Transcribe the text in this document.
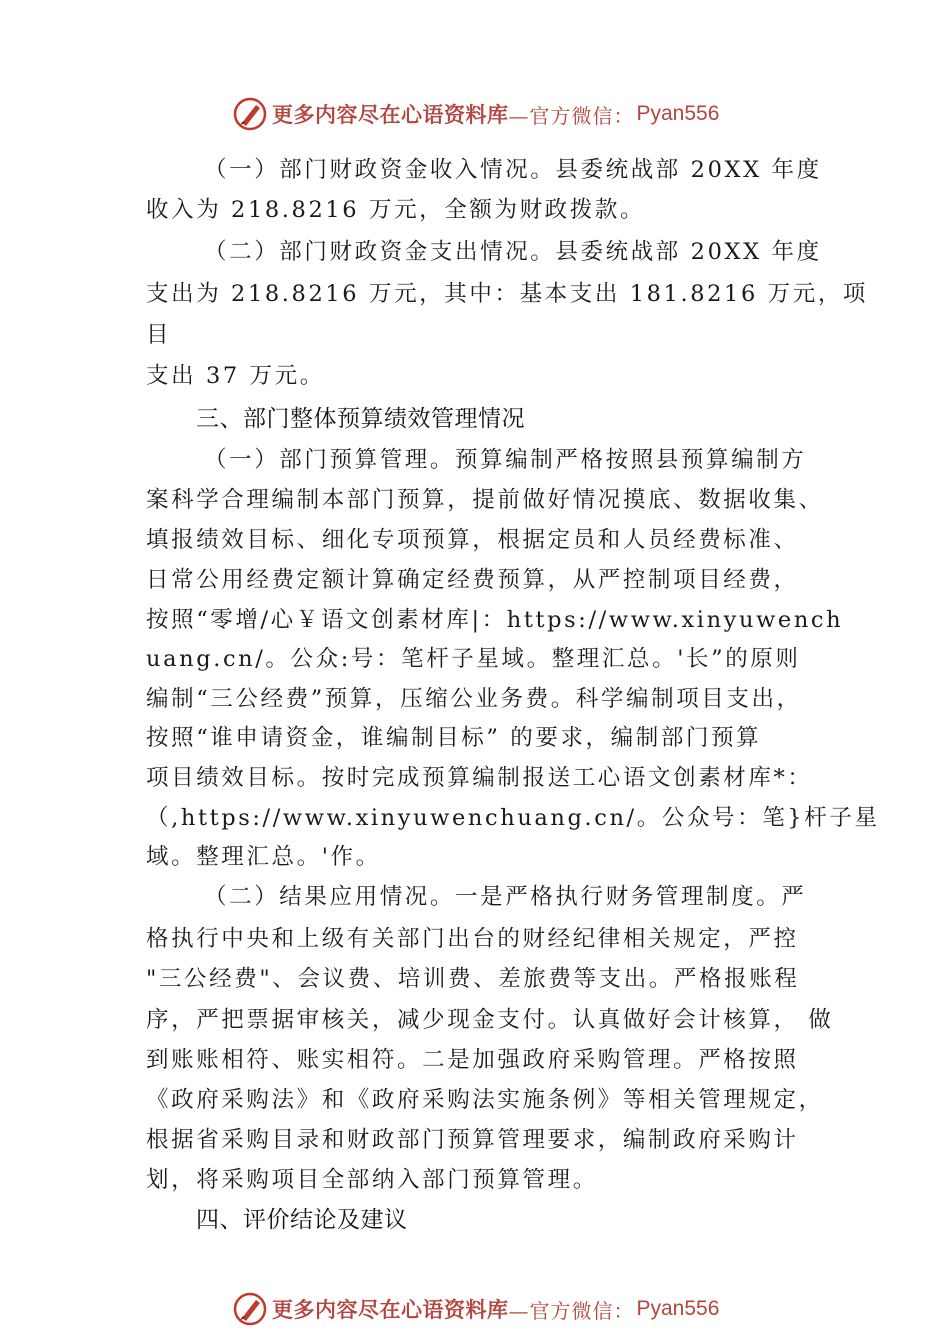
更多内容尽在心语资料库 —官方微信： Pyan556
（一）部门财政资金收入情况。县委统战部 20XX 年度
收入为 218.8216 万元，全额为财政拨款。
（二）部门财政资金支出情况。县委统战部 20XX 年度
支出为 218.8216 万元，其中：基本支出 181.8216 万元，项
目
支出 37 万元。
三、部门整体预算绩效管理情况
（一）部门预算管理。预算编制严格按照县预算编制方
案科学合理编制本部门预算，提前做好情况摸底、数据收集、
填报绩效目标、细化专项预算，根据定员和人员经费标准、
日常公用经费定额计算确定经费预算，从严控制项目经费，
按照“零增/心￥语文创素材库|：https://www.xinyuwench
uang.cn/。公众:号：笔杆子星域。整理汇总。'长”的原则
编制“三公经费”预算，压缩公业务费。科学编制项目支出，
按照“谁申请资金，谁编制目标” 的要求，编制部门预算
项目绩效目标。按时完成预算编制报送工心语文创素材库*：
（,https://www.xinyuwenchuang.cn/。公众号：笔}杆子星
域。整理汇总。'作。
（二）结果应用情况。一是严格执行财务管理制度。严
格执行中央和上级有关部门出台的财经纪律相关规定，严控
"三公经费"、会议费、培训费、差旅费等支出。严格报账程
序，严把票据审核关，减少现金支付。认真做好会计核算， 做
到账账相符、账实相符。二是加强政府采购管理。严格按照
《政府采购法》和《政府采购法实施条例》等相关管理规定，
根据省采购目录和财政部门预算管理要求，编制政府采购计
划，将采购项目全部纳入部门预算管理。
四、评价结论及建议
更多内容尽在心语资料库 —官方微信： Pyan556
